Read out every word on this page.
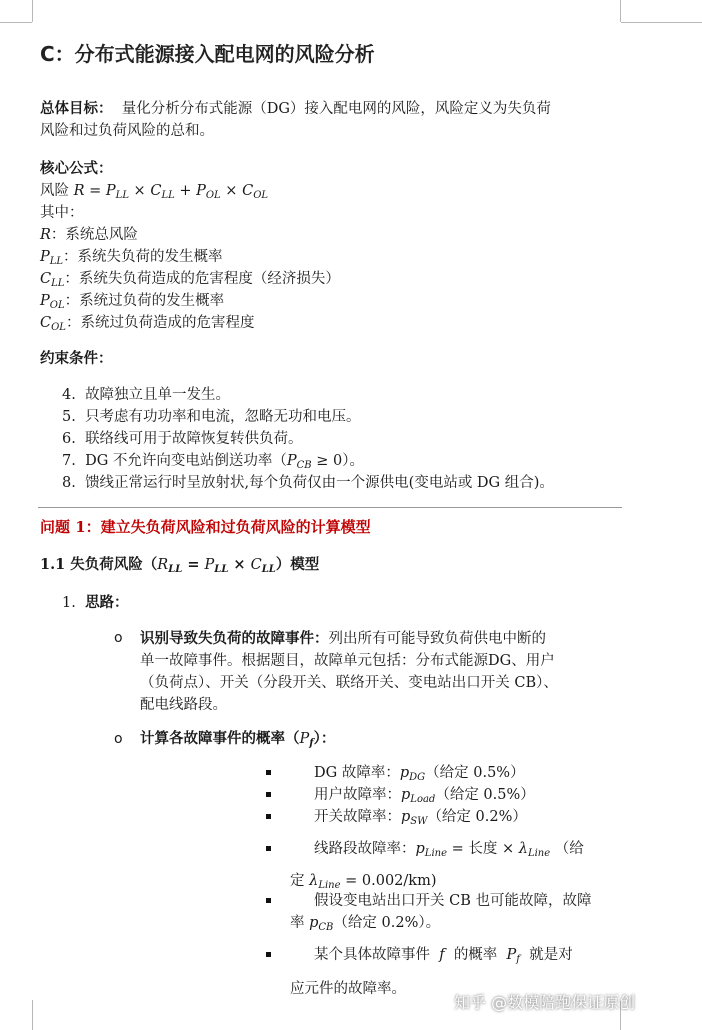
C：分布式能源接入配电网的风险分析
总体目标： 量化分析分布式能源（DG）接入配电网的风险，风险定义为失负荷
风险和过负荷风险的总和。
核心公式：
风险 $R = P_{LL} \times C_{LL} + P_{OL} \times C_{OL}$
其中：
R：系统总风险
$P_{LL}$：系统失负荷的发生概率
$C_{LL}$：系统失负荷造成的危害程度（经济损失）
$P_{OL}$：系统过负荷的发生概率
$C_{OL}$：系统过负荷造成的危害程度
约束条件：
4. 故障独立且单一发生。
5. 只考虑有功功率和电流，忽略无功和电压。
6. 联络线可用于故障恢复转供负荷。
7. DG 不允许向变电站倒送功率$(P_{CB} \ge 0)$。
8. 馈线正常运行时呈放射状,每个负荷仅由一个源供电(变电站或 DG 组合)。
问题 1：建立失负荷风险和过负荷风险的计算模型
1.1 失负荷风险$(R_{LL} = P_{LL} \times C_{LL})$模型
1. 思路：
o 识别导致失负荷的故障事件：列出所有可能导致负荷供电中断的
单一故障事件。根据题目，故障单元包括：分布式能源DG、用户
（负荷点）、开关（分段开关、联络开关、变电站出口开关 CB）、
配电线路段。
o 计算各故障事件的概率$(P_f)$：
DG 故障率：$p_{DG}$（给定 0.5%）
用户故障率：$p_{Load}$（给定 0.5%）
开关故障率：$p_{SW}$（给定 0.2%）
线路段故障率：$p_{Line}$ = 长度 × $\lambda_{Line}$ （给
定 $\lambda_{Line} = 0.002/km$)
假设变电站出口开关 CB 也可能故障，故障
率 $p_{CB}$（给定 0.2%）。
某个具体故障事件 f 的概率 $P_f$ 就是对
应元件的故障率。
知乎 @数模陪跑保证原创
